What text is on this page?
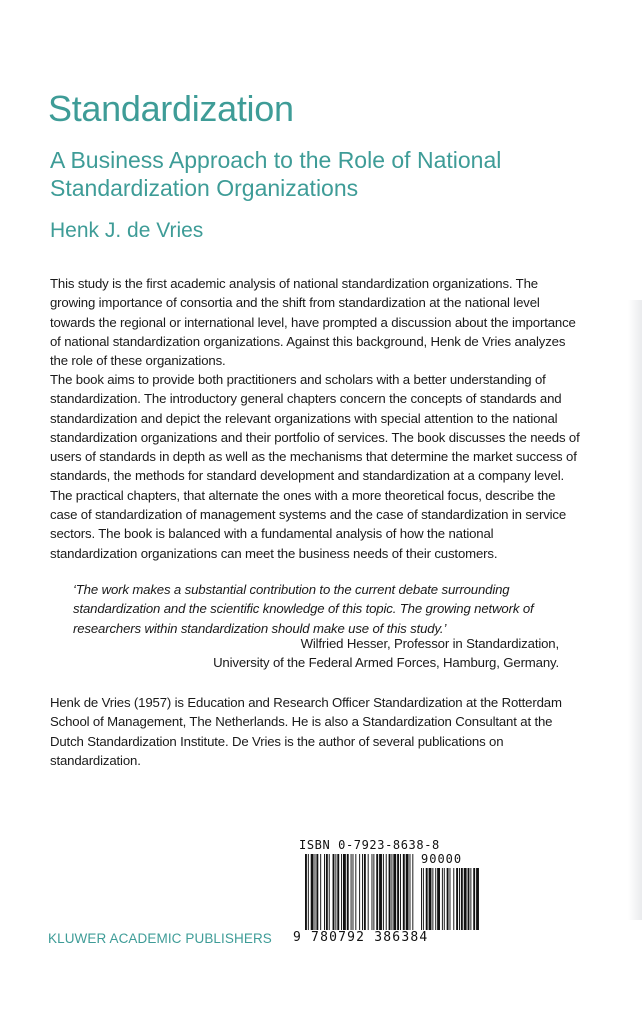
Standardization
A Business Approach to the Role of National Standardization Organizations
Henk J. de Vries

This study is the first academic analysis of national standardization organizations. The growing importance of consortia and the shift from standardization at the national level towards the regional or international level, have prompted a discussion about the importance of national standardization organizations. Against this background, Henk de Vries analyzes the role of these organizations.

The book aims to provide both practitioners and scholars with a better understanding of standardization. The introductory general chapters concern the concepts of standards and standardization and depict the relevant organizations with special attention to the national standardization organizations and their portfolio of services. The book discusses the needs of users of standards in depth as well as the mechanisms that determine the market success of standards, the methods for standard development and standardization at a company level. The practical chapters, that alternate the ones with a more theoretical focus, describe the case of standardization of management systems and the case of standardization in service sectors. The book is balanced with a fundamental analysis of how the national standardization organizations can meet the business needs of their customers.

‘The work makes a substantial contribution to the current debate surrounding standardization and the scientific knowledge of this topic. The growing network of researchers within standardization should make use of this study.’

Wilfried Hesser, Professor in Standardization,
University of the Federal Armed Forces, Hamburg, Germany.

Henk de Vries (1957) is Education and Research Officer Standardization at the Rotterdam School of Management, The Netherlands. He is also a Standardization Consultant at the Dutch Standardization Institute. De Vries is the author of several publications on standardization.

ISBN 0-7923-8638-8
90000
9 780792 386384
KLUWER ACADEMIC PUBLISHERS
